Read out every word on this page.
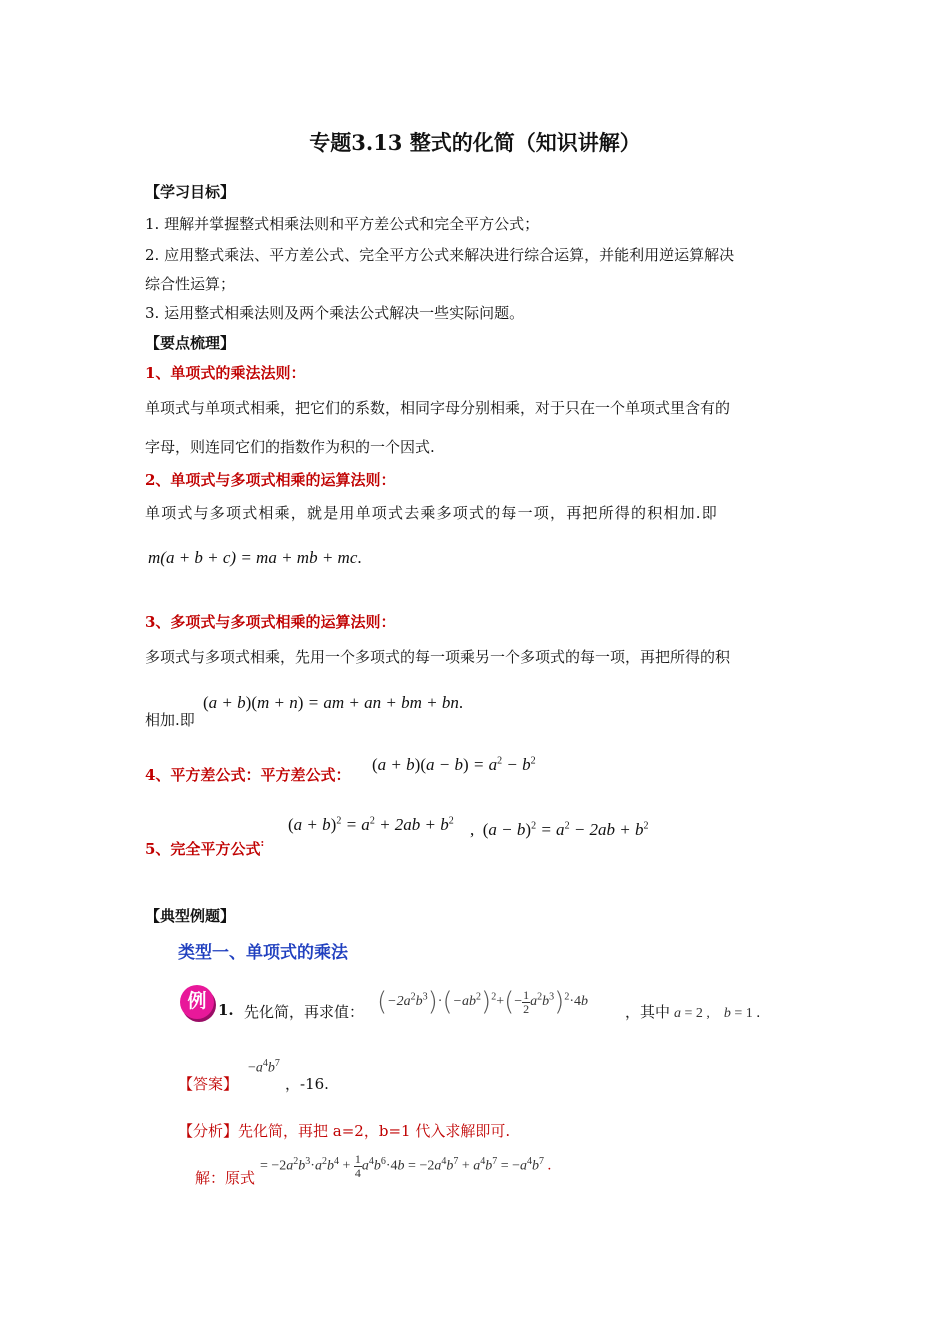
专题3.13 整式的化简（知识讲解）
【学习目标】
1. 理解并掌握整式相乘法则和平方差公式和完全平方公式；
2. 应用整式乘法、平方差公式、完全平方公式来解决进行综合运算，并能利用逆运算解决
综合性运算；
3. 运用整式相乘法则及两个乘法公式解决一些实际问题。
【要点梳理】
1、单项式的乘法法则：
单项式与单项式相乘，把它们的系数，相同字母分别相乘，对于只在一个单项式里含有的
字母，则连同它们的指数作为积的一个因式.
2、单项式与多项式相乘的运算法则：
单项式与多项式相乘，就是用单项式去乘多项式的每一项，再把所得的积相加.即
m(a + b + c) = ma + mb + mc.
3、多项式与多项式相乘的运算法则：
多项式与多项式相乘，先用一个多项式的每一项乘另一个多项式的每一项，再把所得的积
相加.即
(a + b)(m + n) = am + an + bm + bn.
4、平方差公式：平方差公式：
$(a + b)(a - b) = a^2 - b^2$
5、完全平方公式:
$(a + b)^2 = a^2 + 2ab + b^2$ , $(a - b)^2 = a^2 - 2ab + b^2$
【典型例题】
类型一、单项式的乘法
例 1. 先化简，再求值： $(-2a^2b^3)\cdot(-ab^2)^2+(- \frac{1}{2} a^2b^3)^2\cdot 4b$
，其中 a = 2 ,    b = 1 .
【答案】
$-a^4b^7$
，-16.
【分析】先化简，再把 a=2，b=1 代入求解即可.
解：原式
= $-2a^2b^3\cdot a^2b^4 + \frac{1}{4} a^4b^6\cdot 4b = -2a^4b^7 + a^4b^7 = -a^4b^7$ .
